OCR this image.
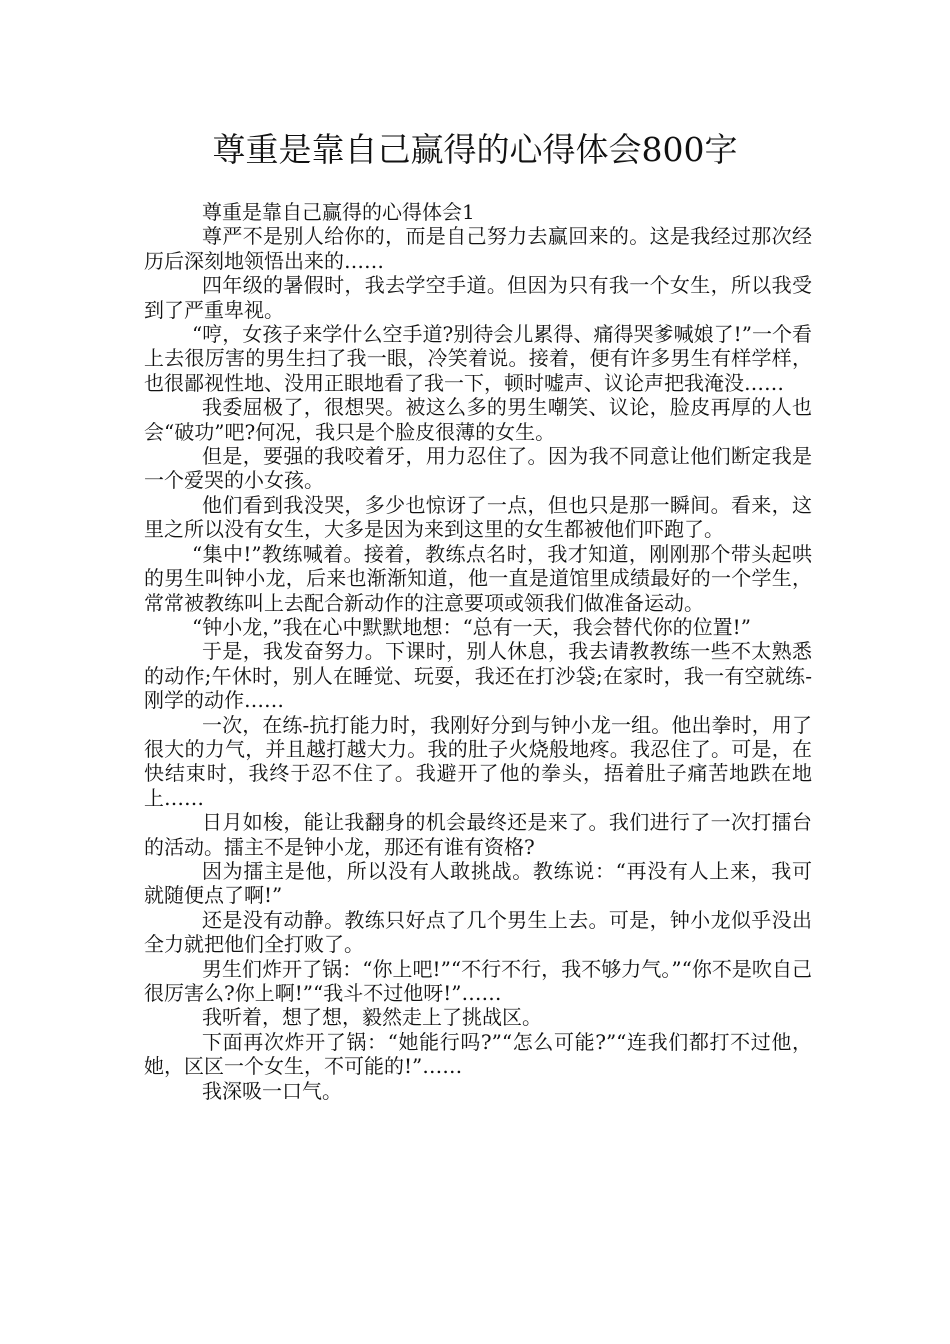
尊重是靠自己赢得的心得体会800字

尊重是靠自己赢得的心得体会1

尊严不是别人给你的，而是自己努力去赢回来的。这是我经过那次经历后深刻地领悟出来的……

四年级的暑假时，我去学空手道。但因为只有我一个女生，所以我受到了严重卑视。

“哼，女孩子来学什么空手道?别待会儿累得、痛得哭爹喊娘了!”一个看上去很厉害的男生扫了我一眼，冷笑着说。接着，便有许多男生有样学样，也很鄙视性地、没用正眼地看了我一下，顿时嘘声、议论声把我淹没……

我委屈极了，很想哭。被这么多的男生嘲笑、议论，脸皮再厚的人也会“破功”吧?何况，我只是个脸皮很薄的女生。

但是，要强的我咬着牙，用力忍住了。因为我不同意让他们断定我是一个爱哭的小女孩。

他们看到我没哭，多少也惊讶了一点，但也只是那一瞬间。看来，这里之所以没有女生，大多是因为来到这里的女生都被他们吓跑了。

“集中!”教练喊着。接着，教练点名时，我才知道，刚刚那个带头起哄的男生叫钟小龙，后来也渐渐知道，他一直是道馆里成绩最好的一个学生，常常被教练叫上去配合新动作的注意要项或领我们做准备运动。

“钟小龙，”我在心中默默地想：“总有一天，我会替代你的位置!”

于是，我发奋努力。下课时，别人休息，我去请教教练一些不太熟悉的动作;午休时，别人在睡觉、玩耍，我还在打沙袋;在家时，我一有空就练-刚学的动作……

一次，在练-抗打能力时，我刚好分到与钟小龙一组。他出拳时，用了很大的力气，并且越打越大力。我的肚子火烧般地疼。我忍住了。可是，在快结束时，我终于忍不住了。我避开了他的拳头，捂着肚子痛苦地跌在地上……

日月如梭，能让我翻身的机会最终还是来了。我们进行了一次打擂台的活动。擂主不是钟小龙，那还有谁有资格?

因为擂主是他，所以没有人敢挑战。教练说：“再没有人上来，我可就随便点了啊!”

还是没有动静。教练只好点了几个男生上去。可是，钟小龙似乎没出全力就把他们全打败了。

男生们炸开了锅：“你上吧!”“不行不行，我不够力气。”“你不是吹自己很厉害么?你上啊!”“我斗不过他呀!”……

我听着，想了想，毅然走上了挑战区。

下面再次炸开了锅：“她能行吗?”“怎么可能?”“连我们都打不过他，她，区区一个女生，不可能的!”……

我深吸一口气。
